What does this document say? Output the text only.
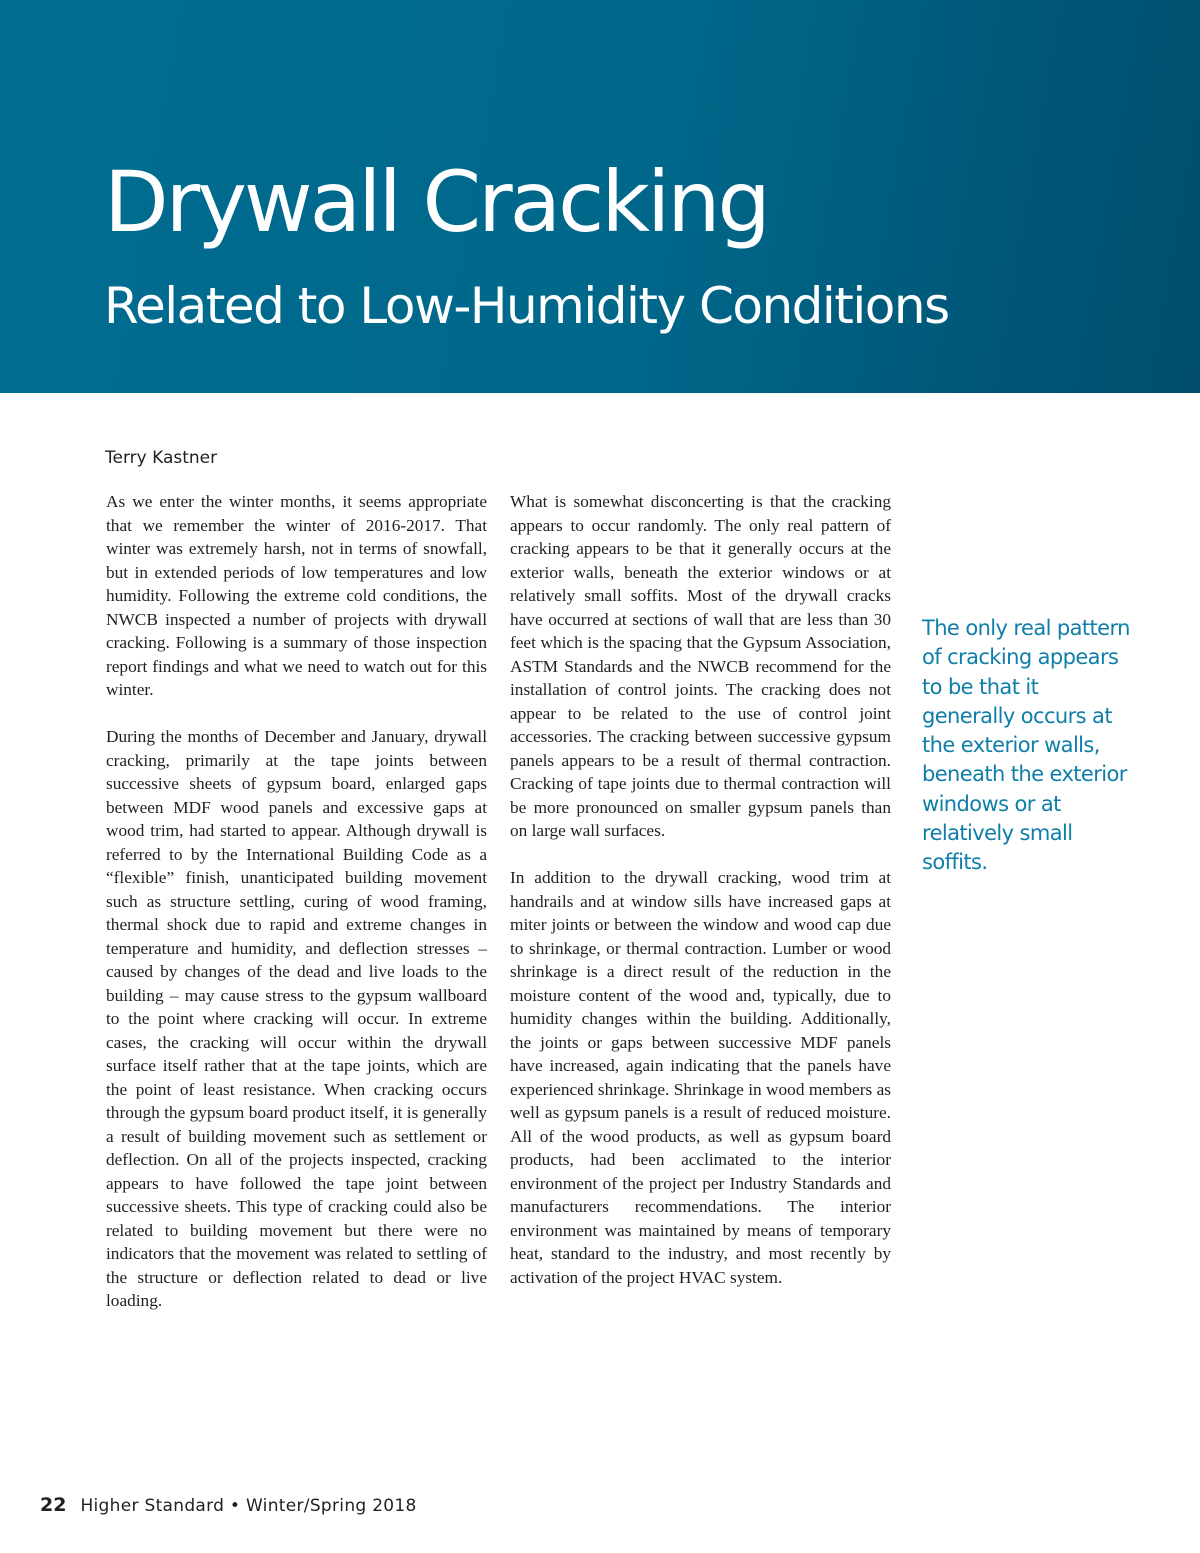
Drywall Cracking
Related to Low-Humidity Conditions
Terry Kastner

As we enter the winter months, it seems appropriate that we remember the winter of 2016-2017. That winter was extremely harsh, not in terms of snowfall, but in extended periods of low temperatures and low humidity. Following the extreme cold conditions, the NWCB inspected a number of projects with drywall cracking. Following is a summary of those inspection report findings and what we need to watch out for this winter.

During the months of December and January, drywall cracking, primarily at the tape joints between successive sheets of gypsum board, enlarged gaps between MDF wood panels and excessive gaps at wood trim, had started to appear. Although drywall is referred to by the International Building Code as a “flexible” finish, unanticipated building movement such as structure settling, curing of wood framing, thermal shock due to rapid and extreme changes in temperature and humidity, and deflection stresses – caused by changes of the dead and live loads to the building – may cause stress to the gypsum wallboard to the point where cracking will occur. In extreme cases, the cracking will occur within the drywall surface itself rather that at the tape joints, which are the point of least resistance. When cracking occurs through the gypsum board product itself, it is generally a result of building movement such as settlement or deflection. On all of the projects inspected, cracking appears to have followed the tape joint between successive sheets. This type of cracking could also be related to building movement but there were no indicators that the movement was related to settling of the structure or deflection related to dead or live loading.

What is somewhat disconcerting is that the cracking appears to occur randomly. The only real pattern of cracking appears to be that it generally occurs at the exterior walls, beneath the exterior windows or at relatively small soffits. Most of the drywall cracks have occurred at sections of wall that are less than 30 feet which is the spacing that the Gypsum Association, ASTM Standards and the NWCB recommend for the installation of control joints. The cracking does not appear to be related to the use of control joint accessories. The cracking between successive gypsum panels appears to be a result of thermal contraction. Cracking of tape joints due to thermal contraction will be more pronounced on smaller gypsum panels than on large wall surfaces.

In addition to the drywall cracking, wood trim at handrails and at window sills have increased gaps at miter joints or between the window and wood cap due to shrinkage, or thermal contraction. Lumber or wood shrinkage is a direct result of the reduction in the moisture content of the wood and, typically, due to humidity changes within the building. Additionally, the joints or gaps between successive MDF panels have increased, again indicating that the panels have experienced shrinkage. Shrinkage in wood members as well as gypsum panels is a result of reduced moisture. All of the wood products, as well as gypsum board products, had been acclimated to the interior environment of the project per Industry Standards and manufacturers recommendations. The interior environment was maintained by means of temporary heat, standard to the industry, and most recently by activation of the project HVAC system.

The only real pattern of cracking appears to be that it generally occurs at the exterior walls, beneath the exterior windows or at relatively small soffits.

22 Higher Standard • Winter/Spring 2018
